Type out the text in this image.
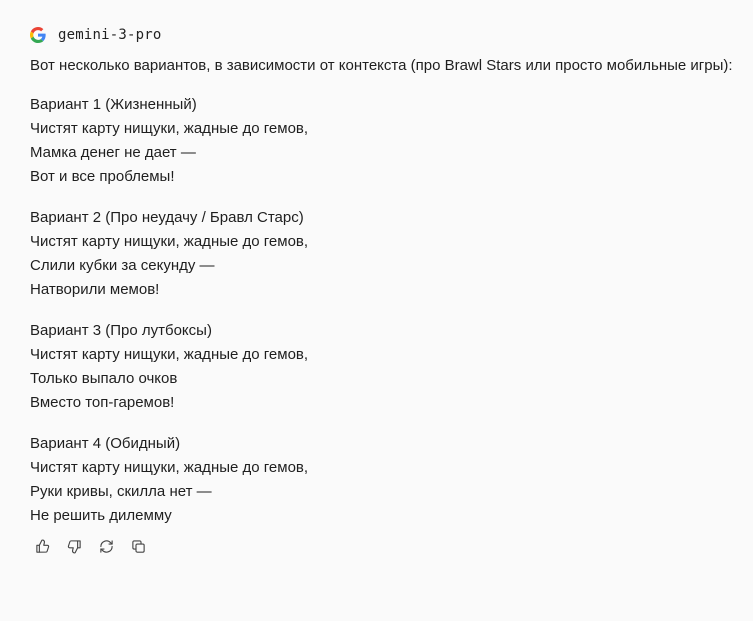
gemini-3-pro
Вот несколько вариантов, в зависимости от контекста (про Brawl Stars или просто мобильные игры):
Вариант 1 (Жизненный)
Чистят карту нищуки, жадные до гемов,
Мамка денег не дает —
Вот и все проблемы!
Вариант 2 (Про неудачу / Бравл Старс)
Чистят карту нищуки, жадные до гемов,
Слили кубки за секунду —
Натворили мемов!
Вариант 3 (Про лутбоксы)
Чистят карту нищуки, жадные до гемов,
Только выпало очков
Вместо топ-гаремов!
Вариант 4 (Обидный)
Чистят карту нищуки, жадные до гемов,
Руки кривы, скилла нет —
Не решить дилемму
